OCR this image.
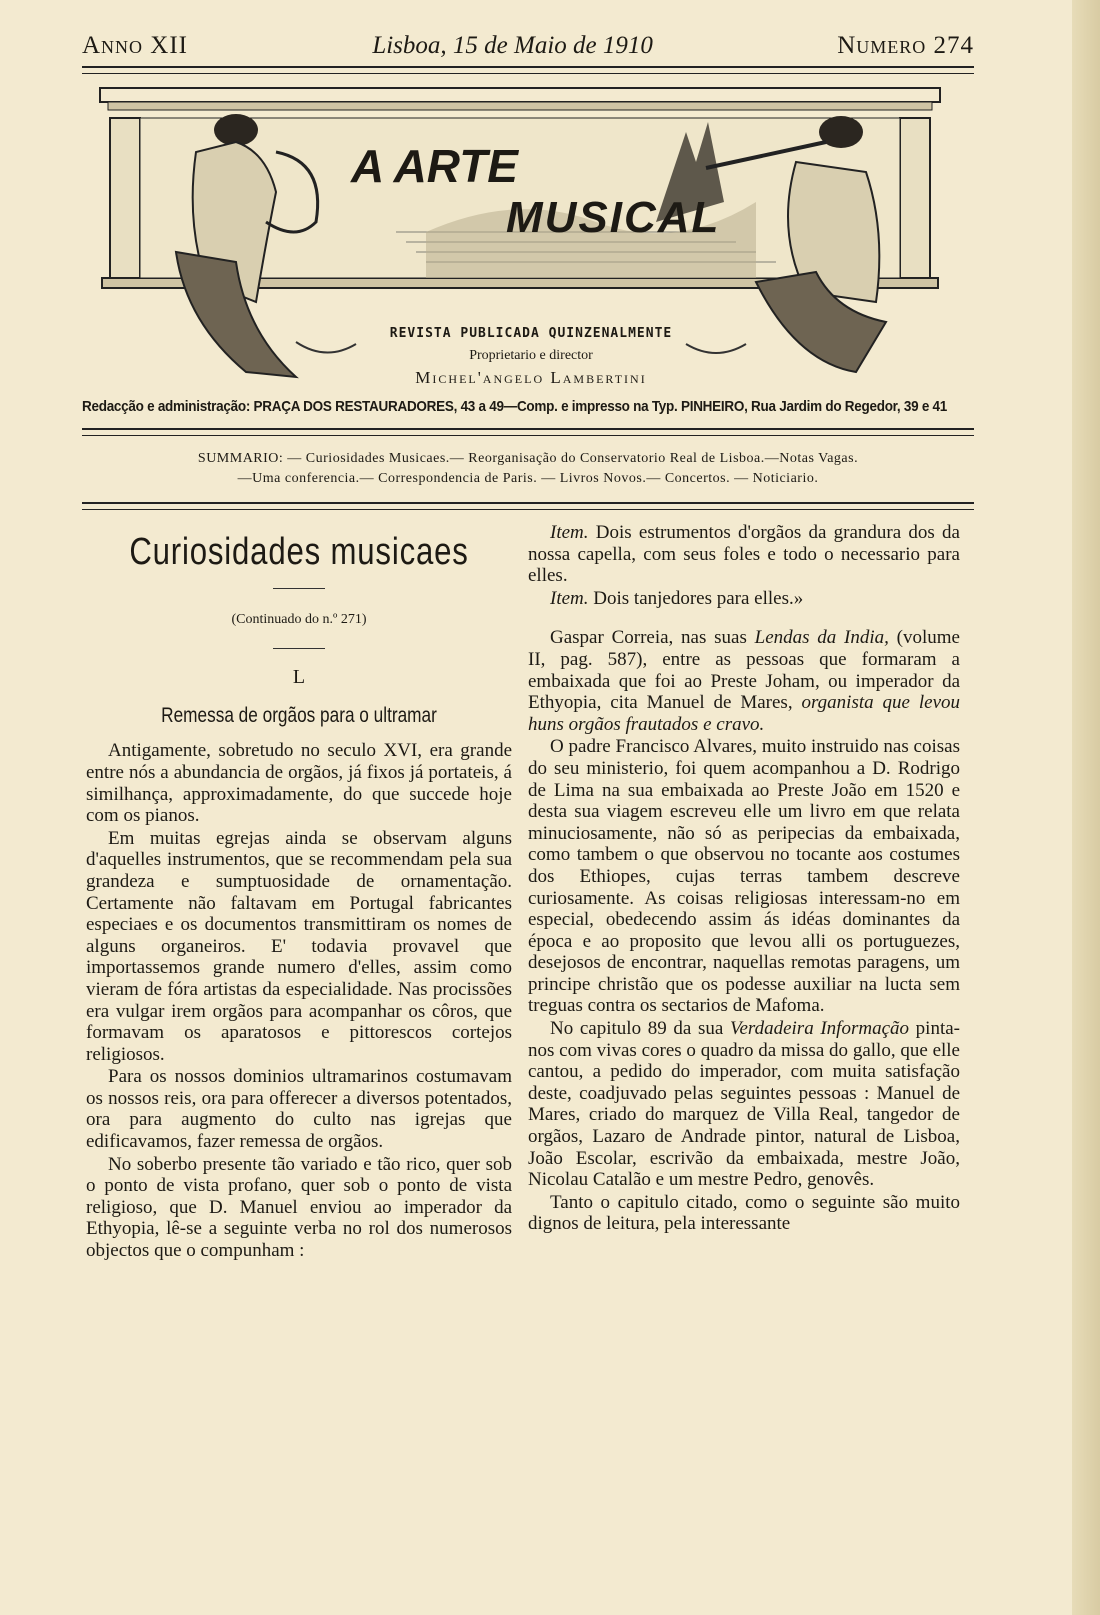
Anno XII	Lisboa, 15 de Maio de 1910	Numero 274
A ARTE
MUSICAL
REVISTA PUBLICADA QUINZENALMENTE
Proprietario e director
Michel'angelo Lambertini
Redacção e administração: PRAÇA DOS RESTAURADORES, 43 a 49—Comp. e impresso na Typ. PINHEIRO, Rua Jardim do Regedor, 39 e 41
SUMMARIO: — Curiosidades Musicaes.— Reorganisação do Conservatorio Real de Lisboa.—Notas Vagas.
—Uma conferencia.— Correspondencia de Paris. — Livros Novos.— Concertos. — Noticiario.
Curiosidades musicaes
(Continuado do n.º 271)
L
Remessa de orgãos para o ultramar

Antigamente, sobretudo no seculo XVI, era grande entre nós a abundancia de orgãos, já fixos já portateis, á similhança, approximadamente, do que succede hoje com os pianos.

Em muitas egrejas ainda se observam alguns d'aquelles instrumentos, que se recommendam pela sua grandeza e sumptuosidade de ornamentação. Certamente não faltavam em Portugal fabricantes especiaes e os documentos transmittiram os nomes de alguns organeiros. E' todavia provavel que importassemos grande numero d'elles, assim como vieram de fóra artistas da especialidade. Nas procissões era vulgar irem orgãos para acompanhar os côros, que formavam os aparatosos e pittorescos cortejos religiosos.

Para os nossos dominios ultramarinos costumavam os nossos reis, ora para offerecer a diversos potentados, ora para augmento do culto nas igrejas que edificavamos, fazer remessa de orgãos.

No soberbo presente tão variado e tão rico, quer sob o ponto de vista profano, quer sob o ponto de vista religioso, que D. Manuel enviou ao imperador da Ethyopia, lê-se a seguinte verba no rol dos numerosos objectos que o compunham :

Item. Dois estrumentos d'orgãos da grandura dos da nossa capella, com seus foles e todo o necessario para elles.

Item. Dois tanjedores para elles.»

Gaspar Correia, nas suas Lendas da India, (volume II, pag. 587), entre as pessoas que formaram a embaixada que foi ao Preste Joham, ou imperador da Ethyopia, cita Manuel de Mares, organista que levou huns orgãos frautados e cravo.

O padre Francisco Alvares, muito instruido nas coisas do seu ministerio, foi quem acompanhou a D. Rodrigo de Lima na sua embaixada ao Preste João em 1520 e desta sua viagem escreveu elle um livro em que relata minuciosamente, não só as peripecias da embaixada, como tambem o que observou no tocante aos costumes dos Ethiopes, cujas terras tambem descreve curiosamente. As coisas religiosas interessam-no em especial, obedecendo assim ás idéas dominantes da época e ao proposito que levou alli os portuguezes, desejosos de encontrar, naquellas remotas paragens, um principe christão que os podesse auxiliar na lucta sem treguas contra os sectarios de Mafoma.

No capitulo 89 da sua Verdadeira Informação pinta-nos com vivas cores o quadro da missa do gallo, que elle cantou, a pedido do imperador, com muita satisfação deste, coadjuvado pelas seguintes pessoas : Manuel de Mares, criado do marquez de Villa Real, tangedor de orgãos, Lazaro de Andrade pintor, natural de Lisboa, João Escolar, escrivão da embaixada, mestre João, Nicolau Catalão e um mestre Pedro, genovês.

Tanto o capitulo citado, como o seguinte são muito dignos de leitura, pela interessante
